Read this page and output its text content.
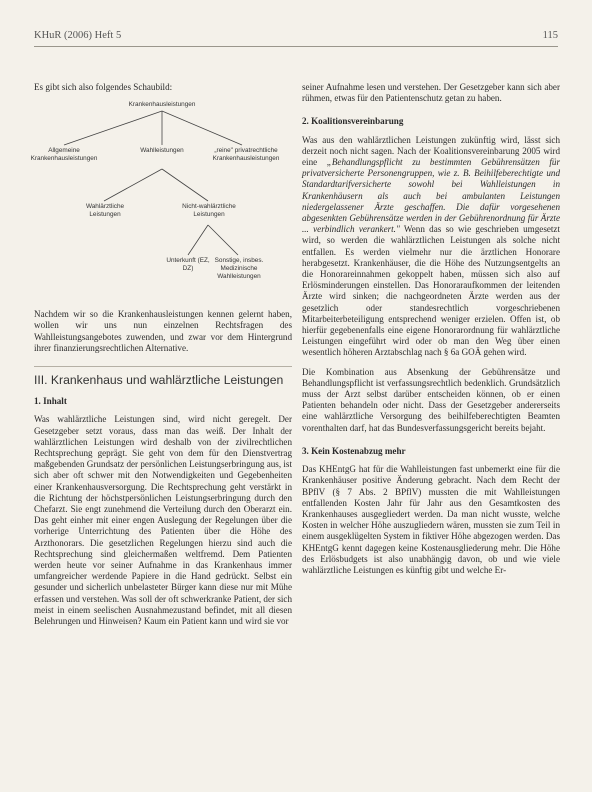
KHuR (2006) Heft 5	115

Es gibt sich also folgendes Schaubild:

Krankenhausleistungen
Allgemeine Krankenhausleistungen
Wahlleistungen	„reine" privatrechtliche Krankenhausleistungen
Wahlärztliche Leistungen
Nicht-wahlärztliche Leistungen
Unterkunft (EZ, DZ)
Sonstige, insbes. Medizinische Wahlleistungen

Nachdem wir so die Krankenhausleistungen kennen gelernt haben, wollen wir uns nun einzelnen Rechtsfragen des Wahlleistungsangebotes zuwenden, und zwar vor dem Hintergrund ihrer finanzierungsrechtlichen Alternative.

III. Krankenhaus und wahlärztliche Leistungen

1. Inhalt

Was wahlärztliche Leistungen sind, wird nicht geregelt. Der Gesetzgeber setzt voraus, dass man das weiß. Der Inhalt der wahlärztlichen Leistungen wird deshalb von der zivilrechtlichen Rechtsprechung geprägt. Sie geht von dem für den Dienstvertrag maßgebenden Grundsatz der persönlichen Leistungserbringung aus, ist sich aber oft schwer mit den Notwendigkeiten und Gegebenheiten einer Krankenhausversorgung. Die Rechtsprechung geht verstärkt in die Richtung der höchstpersönlichen Leistungserbringung durch den Chefarzt. Sie engt zunehmend die Verteilung durch den Oberarzt ein. Das geht einher mit einer engen Auslegung der Regelungen über die vorherige Unterrichtung des Patienten über die Höhe des Arzthonorars. Die gesetzlichen Regelungen hierzu sind auch die Rechtsprechung sind gleichermaßen weltfremd. Dem Patienten werden heute vor seiner Aufnahme in das Krankenhaus immer umfangreicher werdende Papiere in die Hand gedrückt. Selbst ein gesunder und sicherlich unbelasteter Bürger kann diese nur mit Mühe erfassen und verstehen. Was soll der oft schwerkranke Patient, der sich meist in einem seelischen Ausnahmezustand befindet, mit all diesen Belehrungen und Hinweisen? Kaum ein Patient kann und wird sie vor

seiner Aufnahme lesen und verstehen. Der Gesetzgeber kann sich aber rühmen, etwas für den Patientenschutz getan zu haben.

2. Koalitionsvereinbarung

Was aus den wahlärztlichen Leistungen zukünftig wird, lässt sich derzeit noch nicht sagen. Nach der Koalitionsvereinbarung 2005 wird eine „Behandlungspflicht zu bestimmten Gebührensätzen für privatversicherte Personengruppen, wie z. B. Beihilfeberechtigte und Standardtarifversicherte sowohl bei Wahlleistungen in Krankenhäusern als auch bei ambulanten Leistungen niedergelassener Ärzte geschaffen. Die dafür vorgesehenen abgesenkten Gebührensätze werden in der Gebührenordnung für Ärzte ... verbindlich verankert." Wenn das so wie geschrieben umgesetzt wird, so werden die wahlärztlichen Leistungen als solche nicht entfallen. Es werden vielmehr nur die ärztlichen Honorare herabgesetzt. Krankenhäuser, die die Höhe des Nutzungsentgelts an die Honorareinnahmen gekoppelt haben, müssen sich also auf Erlösminderungen einstellen. Das Honoraraufkommen der leitenden Ärzte wird sinken; die nachgeordneten Ärzte werden aus der gesetzlich oder standesrechtlich vorgeschriebenen Mitarbeiterbeteiligung entsprechend weniger erzielen. Offen ist, ob hierfür gegebenenfalls eine eigene Honorarordnung für wahlärztliche Leistungen eingeführt wird oder ob man den Weg über einen wesentlich höheren Arztabschlag nach § 6a GOÄ gehen wird.

Die Kombination aus Absenkung der Gebührensätze und Behandlungspflicht ist verfassungsrechtlich bedenklich. Grundsätzlich muss der Arzt selbst darüber entscheiden können, ob er einen Patienten behandeln oder nicht. Dass der Gesetzgeber andererseits eine wahlärztliche Versorgung des beihilfeberechtigten Beamten vorenthalten darf, hat das Bundesverfassungsgericht bereits bejaht.

3. Kein Kostenabzug mehr

Das KHEntgG hat für die Wahlleistungen fast unbemerkt eine für die Krankenhäuser positive Änderung gebracht. Nach dem Recht der BPflV (§ 7 Abs. 2 BPflV) mussten die mit Wahlleistungen entfallenden Kosten Jahr für Jahr aus den Gesamtkosten des Krankenhauses ausgegliedert werden. Da man nicht wusste, welche Kosten in welcher Höhe auszugliedern wären, mussten sie zum Teil in einem ausgeklügelten System in fiktiver Höhe abgezogen werden. Das KHEntgG kennt dagegen keine Kostenausgliederung mehr. Die Höhe des Erlösbudgets ist also unabhängig davon, ob und wie viele wahlärztliche Leistungen es künftig gibt und welche Er-
